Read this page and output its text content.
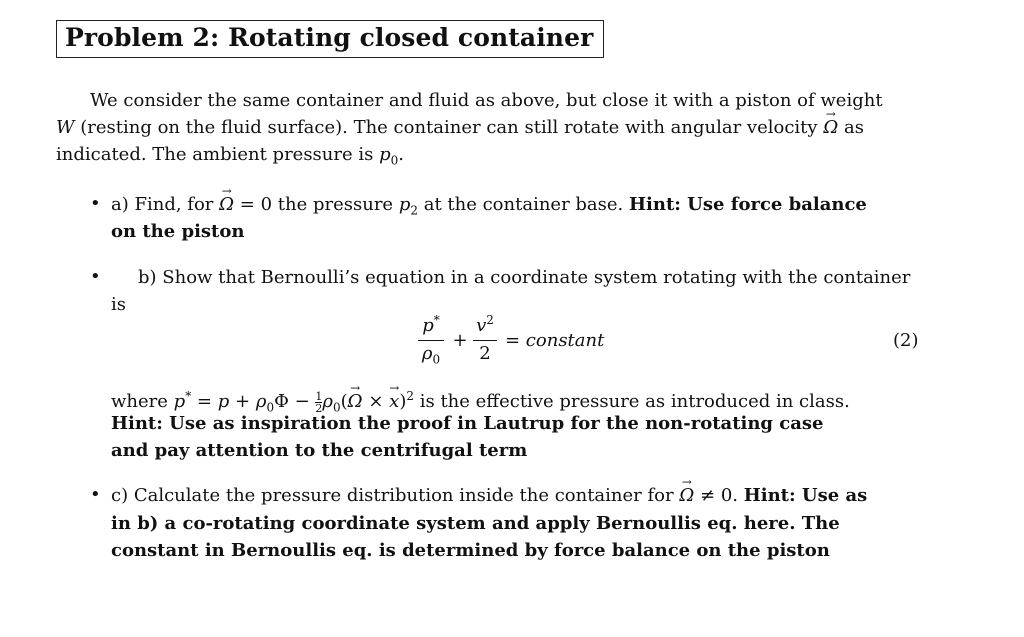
Problem 2: Rotating closed container
We consider the same container and fluid as above, but close it with a piston of weight
W (resting on the fluid surface). The container can still rotate with angular velocity → Ω as
indicated. The ambient pressure is $p_0$.
• a) Find, for → Ω = 0 the pressure $p_2$ at the container base. Hint: Use force balance
on the piston
• b) Show that Bernoulli’s equation in a coordinate system rotating with the container
is
p*
$\rho_0$
+
$v^2$
2
= constant	(2)
where $p^* = p + \rho_0\Phi - \frac{1}{2} \rho_0(\to \Omega$ × → x)$^2$ is the effective pressure as introduced in class.
Hint: Use as inspiration the proof in Lautrup for the non-rotating case
and pay attention to the centrifugal term
• c) Calculate the pressure distribution inside the container for → Ω ≠ 0. Hint: Use as
in b) a co-rotating coordinate system and apply Bernoullis eq. here. The
constant in Bernoullis eq. is determined by force balance on the piston
